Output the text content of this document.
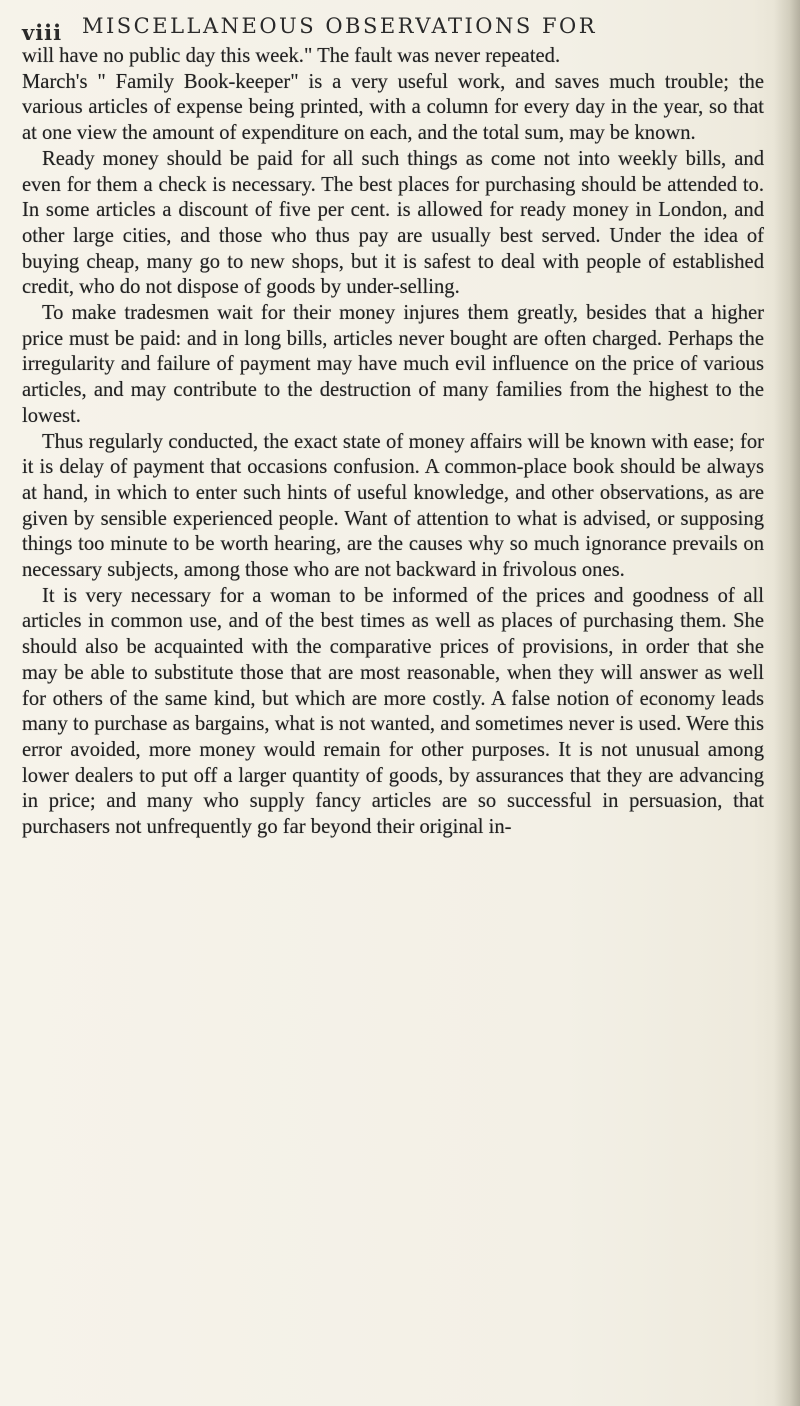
viii MISCELLANEOUS OBSERVATIONS FOR

will have no public day this week." The fault was never repeated.

March's " Family Book-keeper" is a very useful work, and saves much trouble; the various articles of expense being printed, with a column for every day in the year, so that at one view the amount of expenditure on each, and the total sum, may be known.

Ready money should be paid for all such things as come not into weekly bills, and even for them a check is necessary. The best places for purchasing should be attended to. In some articles a discount of five per cent. is allowed for ready money in London, and other large cities, and those who thus pay are usually best served. Under the idea of buying cheap, many go to new shops, but it is safest to deal with people of established credit, who do not dispose of goods by under-selling.

To make tradesmen wait for their money injures them greatly, besides that a higher price must be paid: and in long bills, articles never bought are often charged. Perhaps the irregularity and failure of payment may have much evil influence on the price of various articles, and may contribute to the destruction of many families from the highest to the lowest.

Thus regularly conducted, the exact state of money affairs will be known with ease; for it is delay of payment that occasions confusion. A common-place book should be always at hand, in which to enter such hints of useful knowledge, and other observations, as are given by sensible experienced people. Want of attention to what is advised, or supposing things too minute to be worth hearing, are the causes why so much ignorance prevails on necessary subjects, among those who are not backward in frivolous ones.

It is very necessary for a woman to be informed of the prices and goodness of all articles in common use, and of the best times as well as places of purchasing them. She should also be acquainted with the comparative prices of provisions, in order that she may be able to substitute those that are most reasonable, when they will answer as well for others of the same kind, but which are more costly. A false notion of economy leads many to purchase as bargains, what is not wanted, and sometimes never is used. Were this error avoided, more money would remain for other purposes. It is not unusual among lower dealers to put off a larger quantity of goods, by assurances that they are advancing in price; and many who supply fancy articles are so successful in persuasion, that purchasers not unfrequently go far beyond their original in-
